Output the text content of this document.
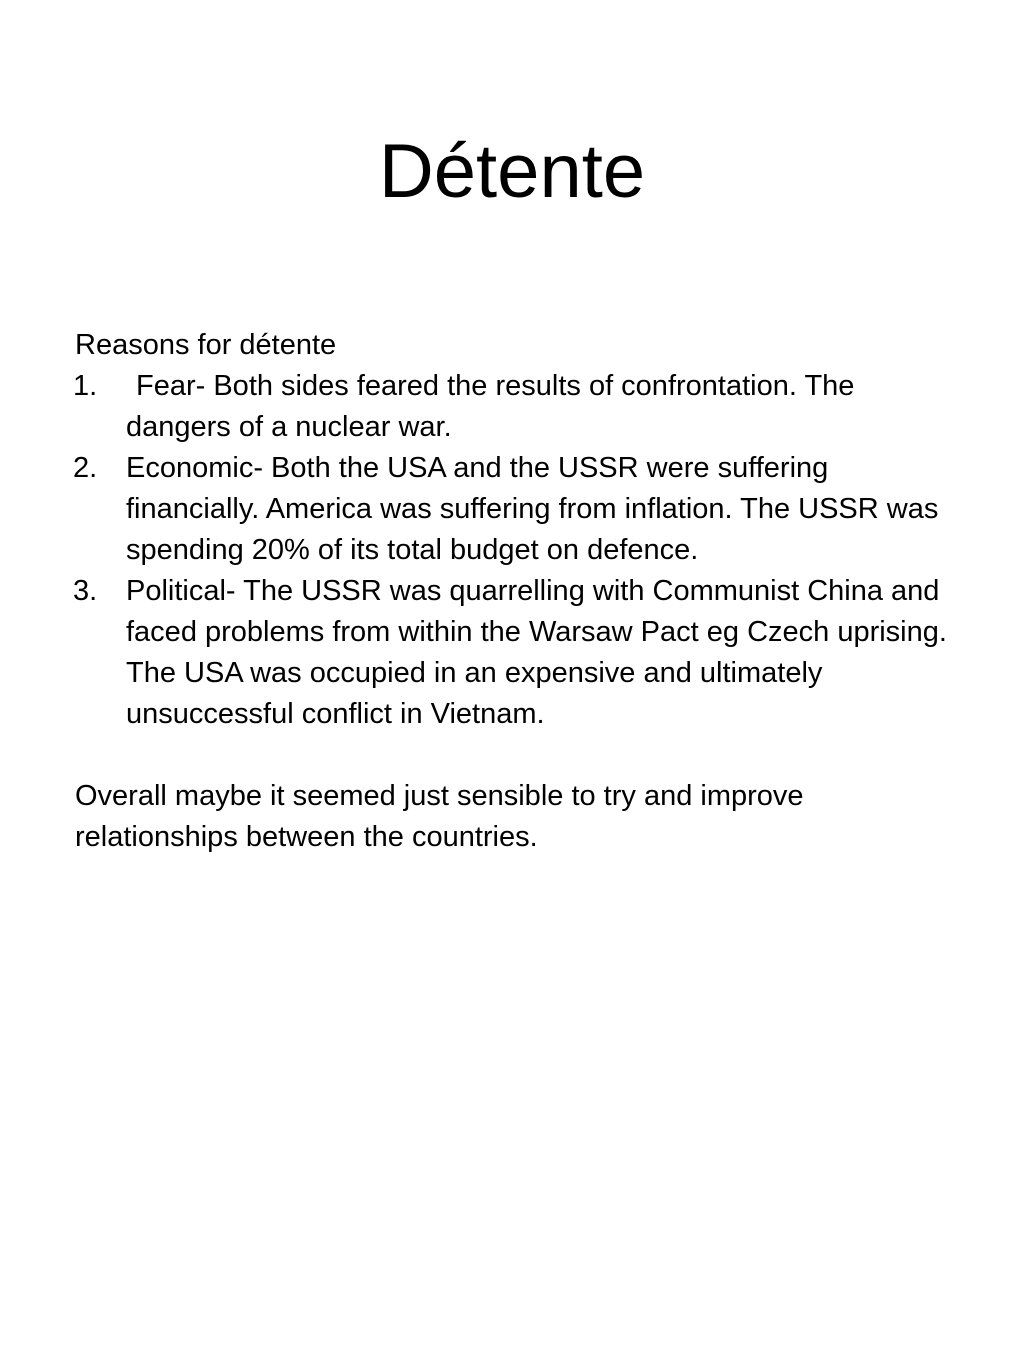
Détente

Reasons for détente

1.	Fear- Both sides feared the results of confrontation. The dangers of a nuclear war.
2. Economic- Both the USA and the USSR were suffering financially. America was suffering from inflation. The USSR was spending 20% of its total budget on defence.
3. Political- The USSR was quarrelling with Communist China and faced problems from within the Warsaw Pact eg Czech uprising. The USA was occupied in an expensive and ultimately unsuccessful conflict in Vietnam.

Overall maybe it seemed just sensible to try and improve relationships between the countries.
